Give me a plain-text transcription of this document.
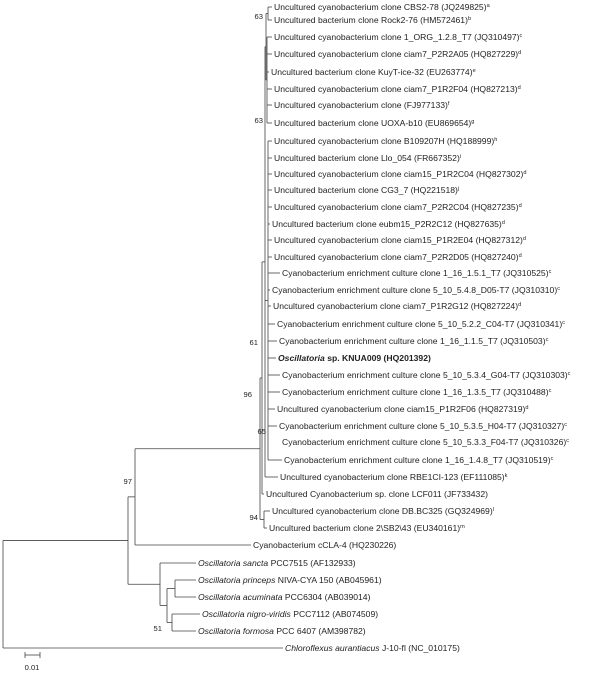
Uncultured cyanobacterium clone CBS2-78 $(JQ249825)^a$
Uncultured bacterium clone Rock2-76 $(HM572461)^b$
Uncultured cyanobacterium clone 1_ORG_1.2.8_T7 $(JQ310497)^c$
Uncultured cyanobacterium clone ciam7_P2R2A05 $(HQ827229)^d$
Uncultured bacterium clone KuyT-ice-32 $(EU263774)^e$
Uncultured cyanobacterium clone ciam7_P1R2F04 $(HQ827213)^d$
Uncultured cyanobacterium clone $(FJ977133)^f$
Uncultured bacterium clone UOXA-b10 $(EU869654)^g$
Uncultured cyanobacterium clone B109207H $(HQ188999)^h$
Uncultured bacterium clone Llo_054 $(FR667352)^i$
Uncultured cyanobacterium clone ciam15_P1R2C04 $(HQ827302)^d$
Uncultured bacterium clone CG3_7 $(HQ221518)^j$
Uncultured cyanobacterium clone ciam7_P2R2C04 $(HQ827235)^d$
Uncultured bacterium clone eubm15_P2R2C12 $(HQ827635)^d$
Uncultured cyanobacterium clone ciam15_P1R2E04 $(HQ827312)^d$
Uncultured cyanobacterium clone ciam7_P2R2D05 $(HQ827240)^d$
Cyanobacterium enrichment culture clone 1_16_1.5.1_T7 $(JQ310525)^c$
Cyanobacterium enrichment culture clone 5_10_5.4.8_D05-T7 $(JQ310310)^c$
Uncultured cyanobacterium clone ciam7_P1R2G12 $(HQ827224)^d$
Cyanobacterium enrichment culture clone 5_10_5.2.2_C04-T7 $(JQ310341)^c$
Cyanobacterium enrichment culture clone 1_16_1.1.5_T7 $(JQ310503)^c$
Oscillatoria sp. KNUA009 (HQ201392)
Cyanobacterium enrichment culture clone 5_10_5.3.4_G04-T7 $(JQ310303)^c$
Cyanobacterium enrichment culture clone 1_16_1.3.5_T7 $(JQ310488)^c$
Uncultured cyanobacterium clone ciam15_P1R2F06 $(HQ827319)^d$
Cyanobacterium enrichment culture clone 5_10_5.3.5_H04-T7 $(JQ310327)^c$
Cyanobacterium enrichment culture clone 5_10_5.3.3_F04-T7 $(JQ310326)^c$
Cyanobacterium enrichment culture clone 1_16_1.4.8_T7 $(JQ310519)^c$
Uncultured cyanobacterium clone RBE1CI-123 $(EF111085)^k$
Uncultured Cyanobacterium sp. clone LCF011 (JF733432)
Uncultured cyanobacterium clone DB.BC325 $(GQ324969)^l$
Uncultured bacterium clone 2\SB2\43 $(EU340161)^m$
Cyanobacterium cCLA-4 (HQ230226)
Oscillatoria sancta PCC7515 (AF132933)
Oscillatoria princeps NIVA-CYA 150 (AB045961)
Oscillatoria acuminata PCC6304 (AB039014)
Oscillatoria nigro-viridis PCC7112 (AB074509)
Oscillatoria formosa PCC 6407 (AM398782)
Chloroflexus aurantiacus J-10-fl (NC_010175)
63
63
61
65
94
96
97
51
0.01
